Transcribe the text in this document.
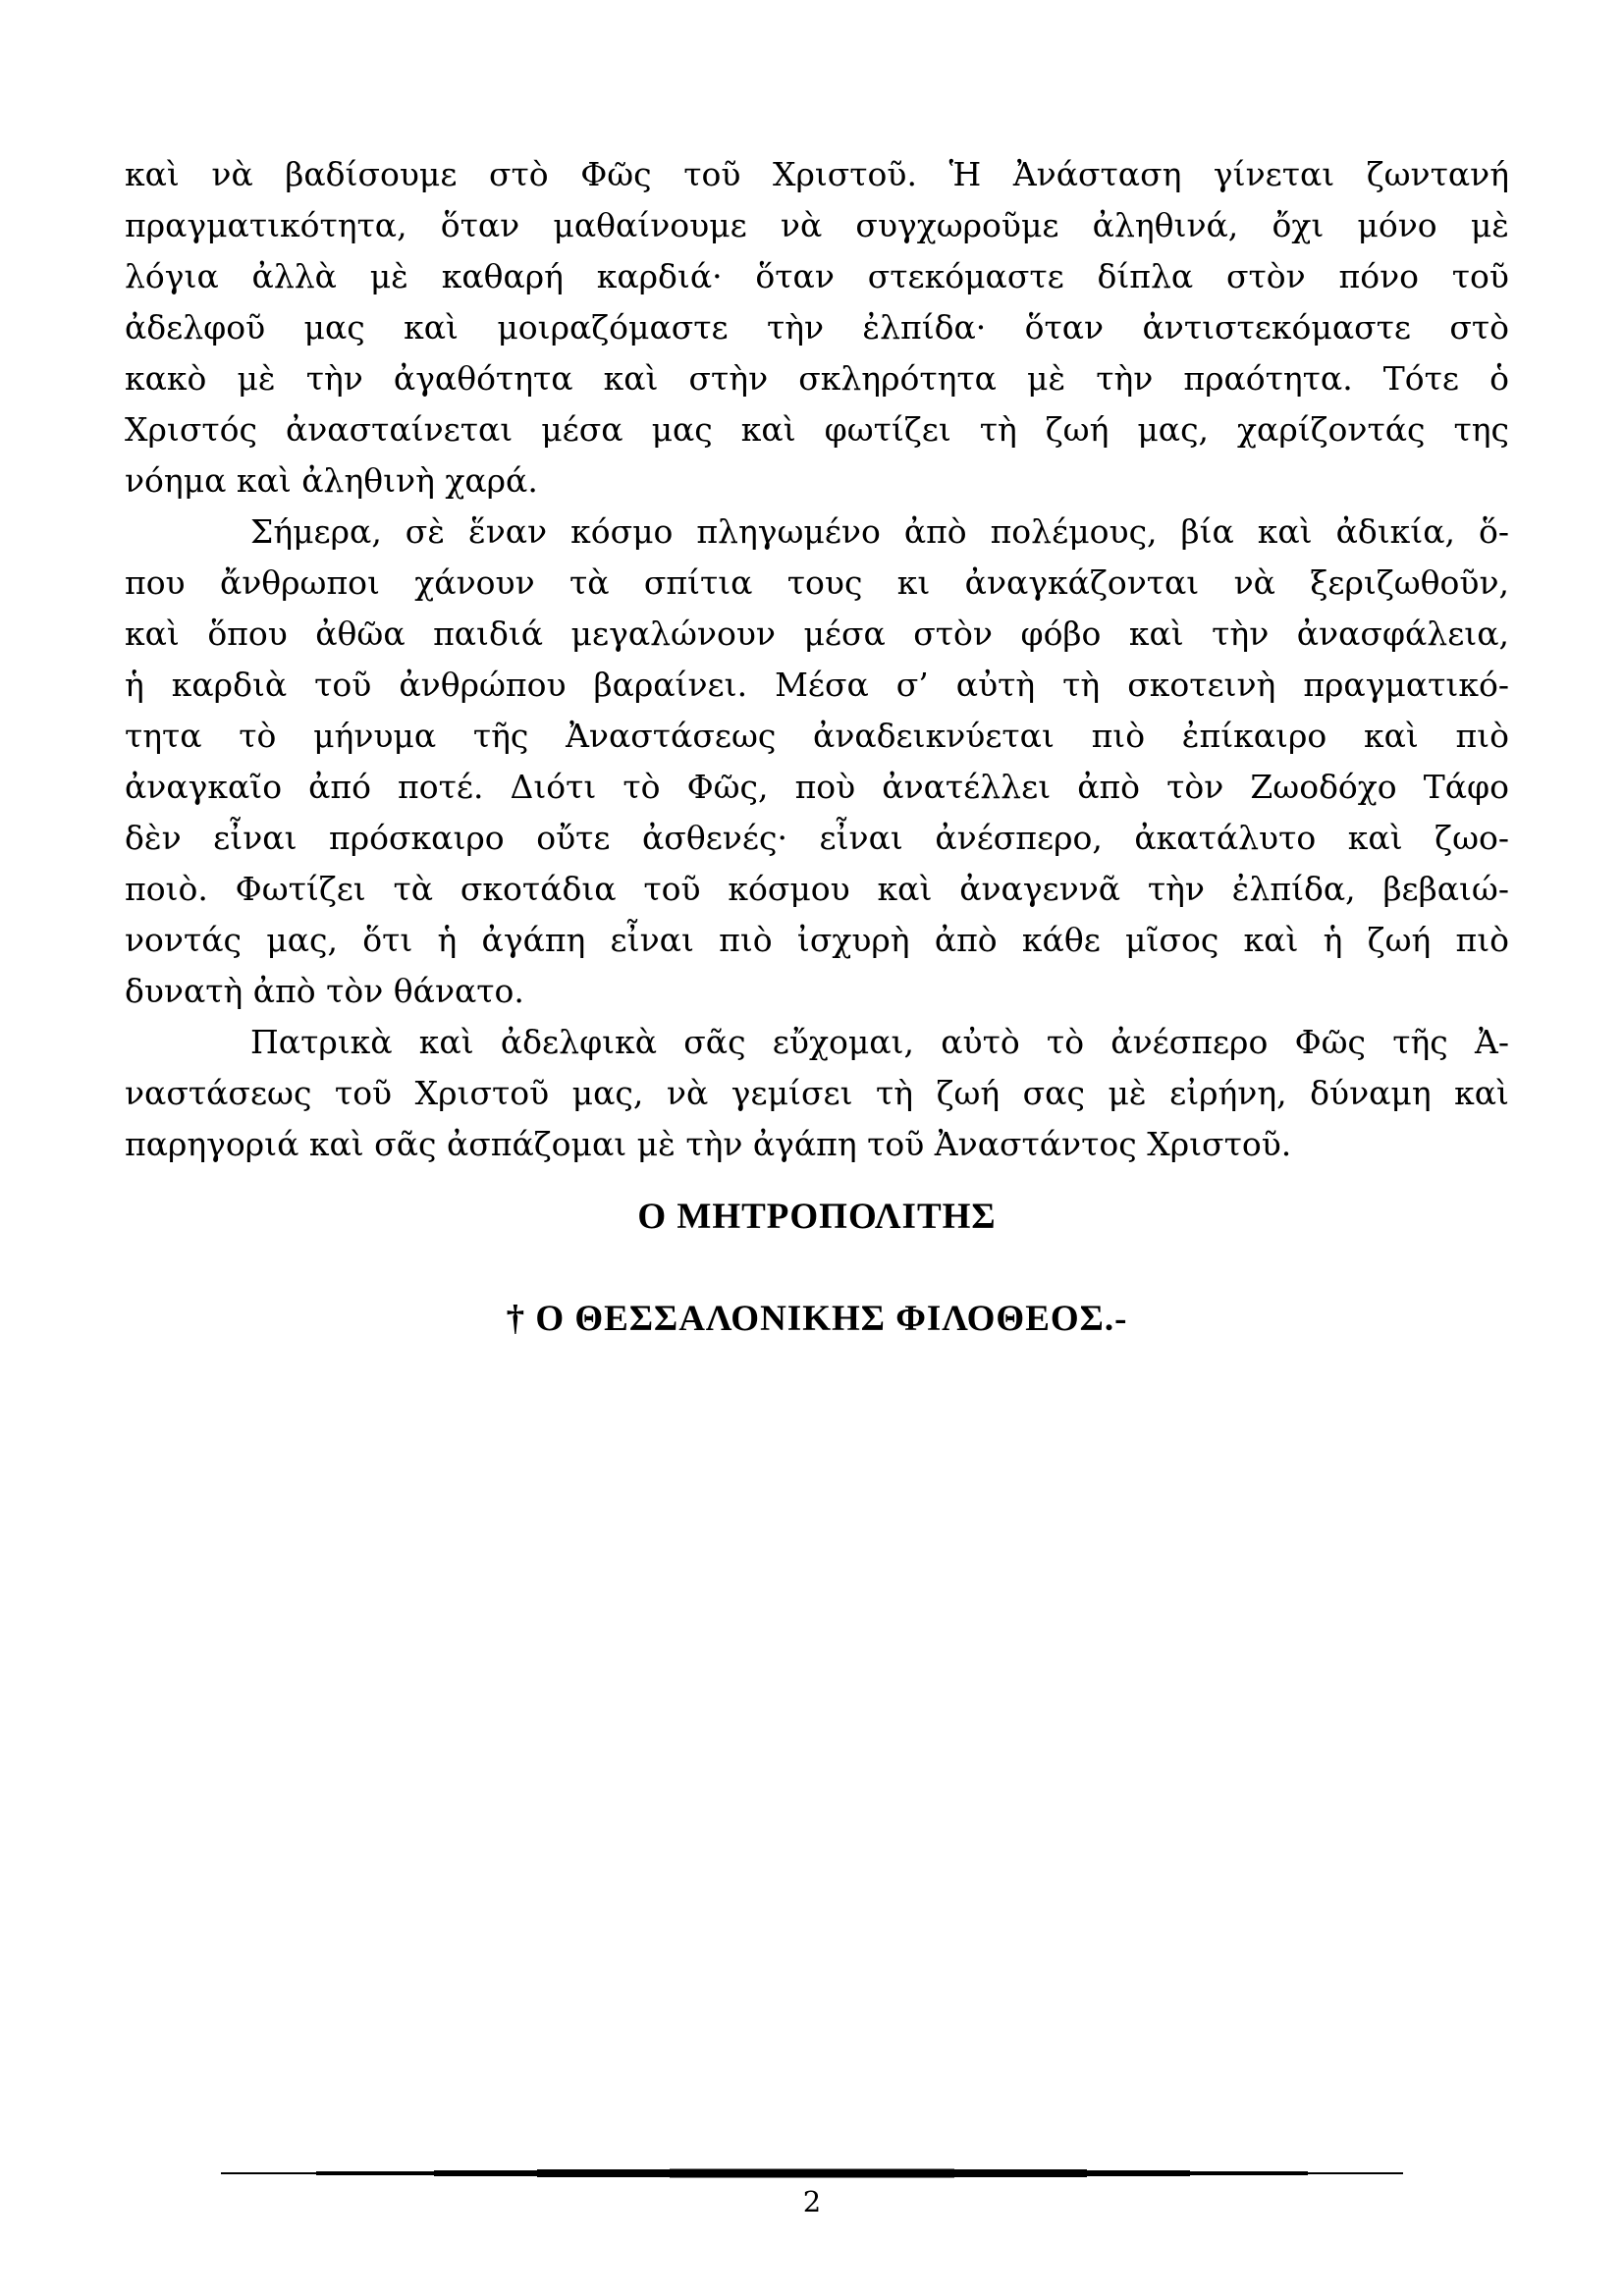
καὶ νὰ βαδίσουμε στὸ Φῶς τοῦ Χριστοῦ. Ἡ Ἀνάσταση γίνεται ζωντανή
πραγματικότητα, ὅταν μαθαίνουμε νὰ συγχωροῦμε ἀληθινά, ὄχι μόνο μὲ
λόγια ἀλλὰ μὲ καθαρή καρδιά· ὅταν στεκόμαστε δίπλα στὸν πόνο τοῦ
ἀδελφοῦ μας καὶ μοιραζόμαστε τὴν ἐλπίδα· ὅταν ἀντιστεκόμαστε στὸ
κακὸ μὲ τὴν ἀγαθότητα καὶ στὴν σκληρότητα μὲ τὴν πραότητα. Τότε ὁ
Χριστός ἀνασταίνεται μέσα μας καὶ φωτίζει τὴ ζωή μας, χαρίζοντάς της
νόημα καὶ ἀληθινὴ χαρά.
Σήμερα, σὲ ἕναν κόσμο πληγωμένο ἀπὸ πολέμους, βία καὶ ἀδικία, ὅ-
που ἄνθρωποι χάνουν τὰ σπίτια τους κι ἀναγκάζονται νὰ ξεριζωθοῦν,
καὶ ὅπου ἀθῶα παιδιά μεγαλώνουν μέσα στὸν φόβο καὶ τὴν ἀνασφάλεια,
ἡ καρδιὰ τοῦ ἀνθρώπου βαραίνει. Μέσα σ’ αὐτὴ τὴ σκοτεινὴ πραγματικό-
τητα τὸ μήνυμα τῆς Ἀναστάσεως ἀναδεικνύεται πιὸ ἐπίκαιρο καὶ πιὸ
ἀναγκαῖο ἀπό ποτέ. Διότι τὸ Φῶς, ποὺ ἀνατέλλει ἀπὸ τὸν Ζωοδόχο Τάφο
δὲν εἶναι πρόσκαιρο οὔτε ἀσθενές· εἶναι ἀνέσπερο, ἀκατάλυτο καὶ ζωο-
ποιὸ. Φωτίζει τὰ σκοτάδια τοῦ κόσμου καὶ ἀναγεννᾶ τὴν ἐλπίδα, βεβαιώ-
νοντάς μας, ὅτι ἡ ἀγάπη εἶναι πιὸ ἰσχυρὴ ἀπὸ κάθε μῖσος καὶ ἡ ζωή πιὸ
δυνατὴ ἀπὸ τὸν θάνατο.
Πατρικὰ καὶ ἀδελφικὰ σᾶς εὔχομαι, αὐτὸ τὸ ἀνέσπερο Φῶς τῆς Ἀ-
ναστάσεως τοῦ Χριστοῦ μας, νὰ γεμίσει τὴ ζωή σας μὲ εἰρήνη, δύναμη καὶ
παρηγοριά καὶ σᾶς ἀσπάζομαι μὲ τὴν ἀγάπη τοῦ Ἀναστάντος Χριστοῦ.
Ο ΜΗΤΡΟΠΟΛΙΤΗΣ
† Ο ΘΕΣΣΑΛΟΝΙΚΗΣ ΦΙΛΟΘΕΟΣ.-
2
